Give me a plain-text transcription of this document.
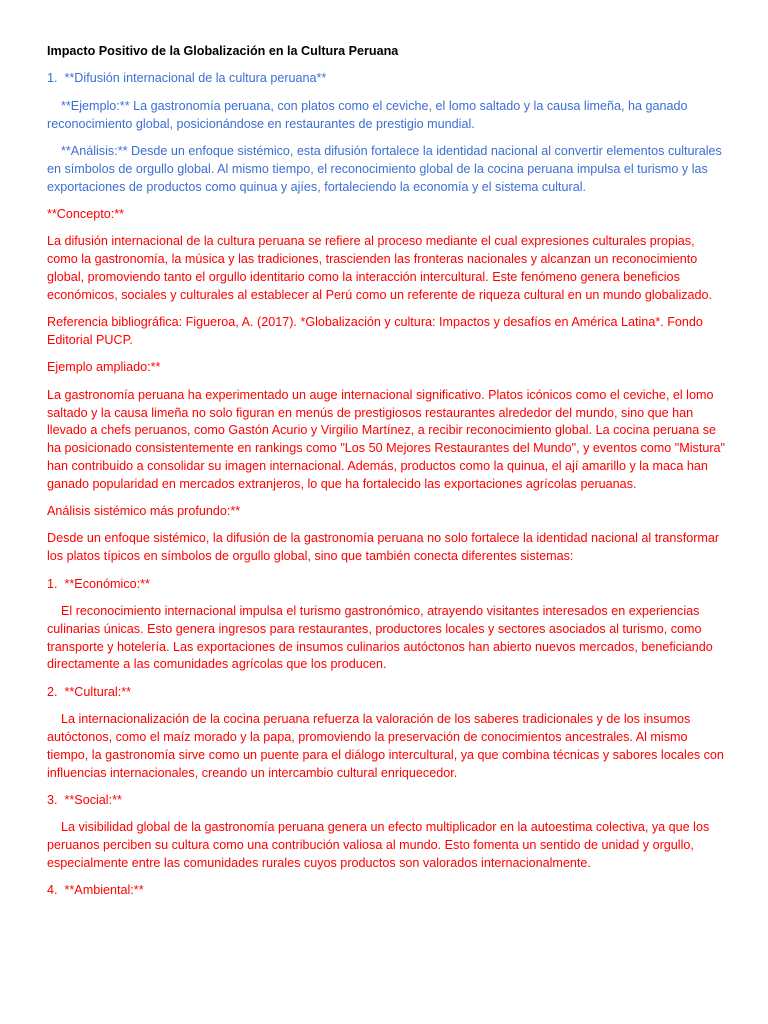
Impacto Positivo de la Globalización en la Cultura Peruana

1.  **Difusión internacional de la cultura peruana**

**Ejemplo:** La gastronomía peruana, con platos como el ceviche, el lomo saltado y la causa limeña, ha ganado reconocimiento global, posicionándose en restaurantes de prestigio mundial.

**Análisis:** Desde un enfoque sistémico, esta difusión fortalece la identidad nacional al convertir elementos culturales en símbolos de orgullo global. Al mismo tiempo, el reconocimiento global de la cocina peruana impulsa el turismo y las exportaciones de productos como quinua y ajíes, fortaleciendo la economía y el sistema cultural.

**Concepto:**

La difusión internacional de la cultura peruana se refiere al proceso mediante el cual expresiones culturales propias, como la gastronomía, la música y las tradiciones, trascienden las fronteras nacionales y alcanzan un reconocimiento global, promoviendo tanto el orgullo identitario como la interacción intercultural. Este fenómeno genera beneficios económicos, sociales y culturales al establecer al Perú como un referente de riqueza cultural en un mundo globalizado.

Referencia bibliográfica: Figueroa, A. (2017). *Globalización y cultura: Impactos y desafíos en América Latina*. Fondo Editorial PUCP.

Ejemplo ampliado:**

La gastronomía peruana ha experimentado un auge internacional significativo. Platos icónicos como el ceviche, el lomo saltado y la causa limeña no solo figuran en menús de prestigiosos restaurantes alrededor del mundo, sino que han llevado a chefs peruanos, como Gastón Acurio y Virgilio Martínez, a recibir reconocimiento global. La cocina peruana se ha posicionado consistentemente en rankings como "Los 50 Mejores Restaurantes del Mundo", y eventos como "Mistura" han contribuido a consolidar su imagen internacional. Además, productos como la quinua, el ají amarillo y la maca han ganado popularidad en mercados extranjeros, lo que ha fortalecido las exportaciones agrícolas peruanas.

Análisis sistémico más profundo:**

Desde un enfoque sistémico, la difusión de la gastronomía peruana no solo fortalece la identidad nacional al transformar los platos típicos en símbolos de orgullo global, sino que también conecta diferentes sistemas:

1.  **Económico:**

El reconocimiento internacional impulsa el turismo gastronómico, atrayendo visitantes interesados en experiencias culinarias únicas. Esto genera ingresos para restaurantes, productores locales y sectores asociados al turismo, como transporte y hotelería. Las exportaciones de insumos culinarios autóctonos han abierto nuevos mercados, beneficiando directamente a las comunidades agrícolas que los producen.

2.  **Cultural:**

La internacionalización de la cocina peruana refuerza la valoración de los saberes tradicionales y de los insumos autóctonos, como el maíz morado y la papa, promoviendo la preservación de conocimientos ancestrales. Al mismo tiempo, la gastronomía sirve como un puente para el diálogo intercultural, ya que combina técnicas y sabores locales con influencias internacionales, creando un intercambio cultural enriquecedor.

3.  **Social:**

La visibilidad global de la gastronomía peruana genera un efecto multiplicador en la autoestima colectiva, ya que los peruanos perciben su cultura como una contribución valiosa al mundo. Esto fomenta un sentido de unidad y orgullo, especialmente entre las comunidades rurales cuyos productos son valorados internacionalmente.

4.  **Ambiental:**
